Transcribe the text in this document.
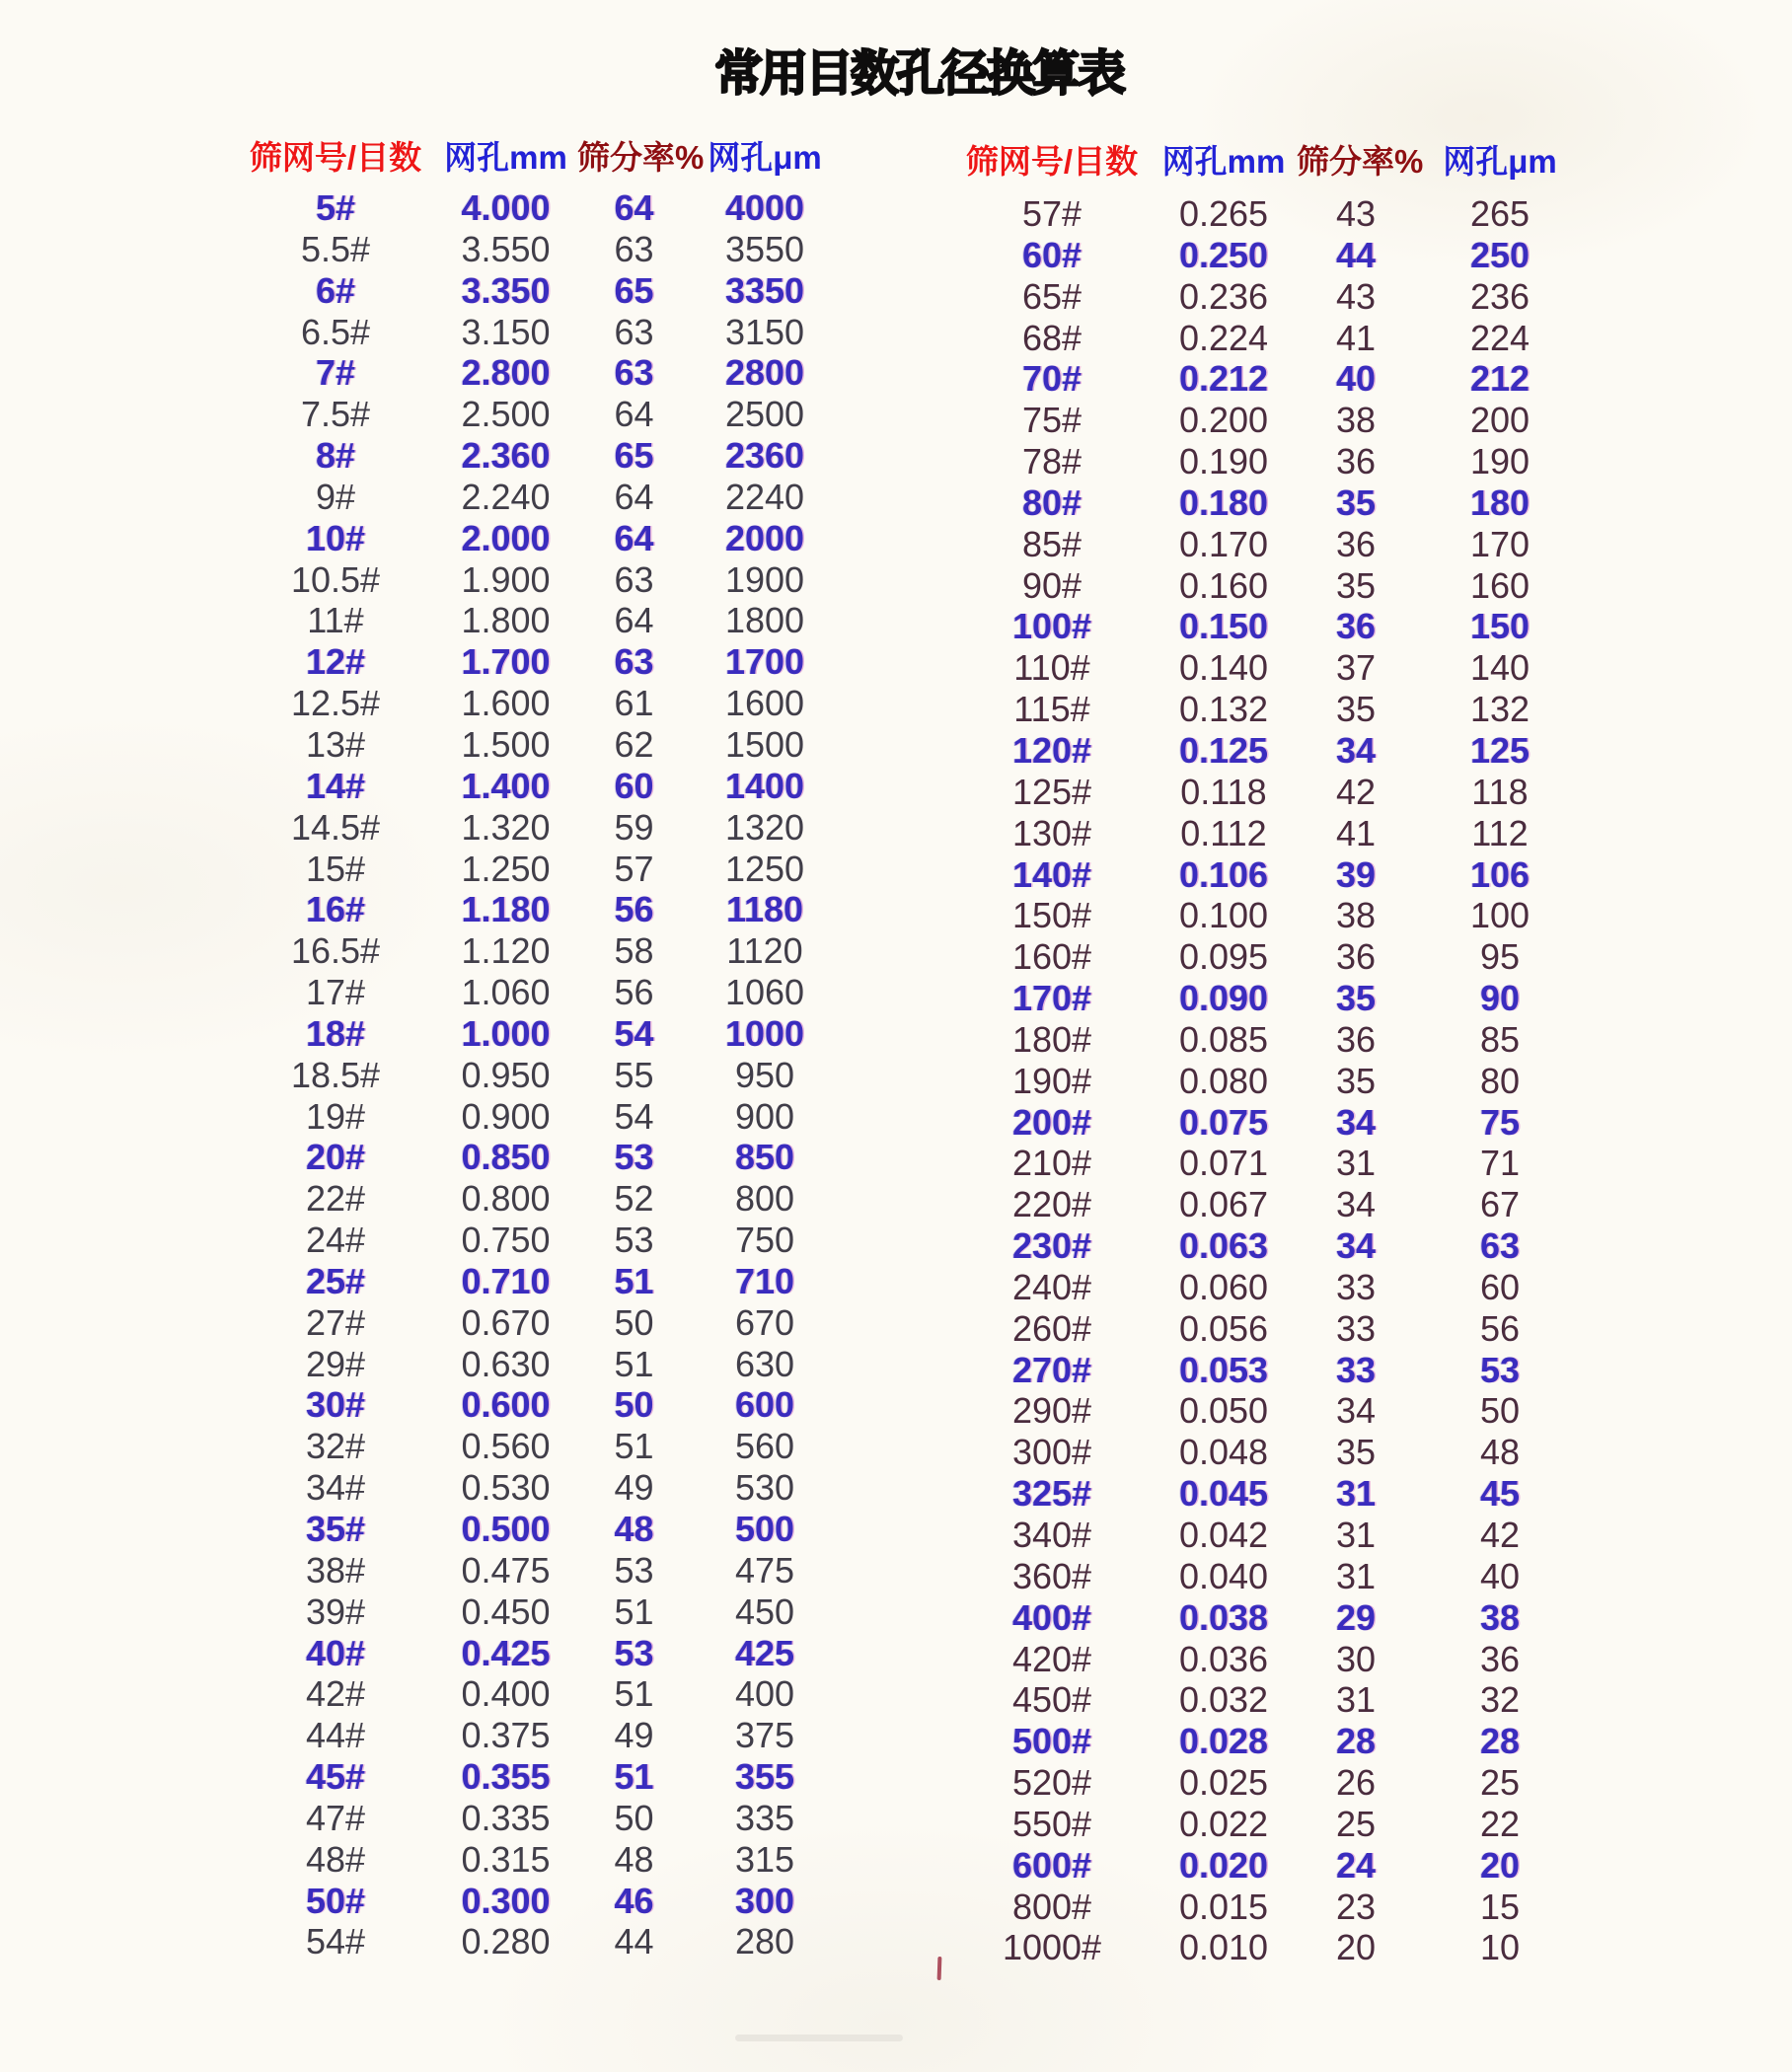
常用目数孔径换算表
筛网号/目数 网孔mm 筛分率% 网孔μm	筛网号/目数 网孔mm 筛分率% 网孔μm
5#	4.000	64	4000
5.5#	3.550	63	3550
6#	3.350	65	3350
6.5#	3.150	63	3150
7#	2.800	63	2800
7.5#	2.500	64	2500
8#	2.360	65	2360
9#	2.240	64	2240
10#	2.000	64	2000
10.5#	1.900	63	1900
11#	1.800	64	1800
12#	1.700	63	1700
12.5#	1.600	61	1600
13#	1.500	62	1500
14#	1.400	60	1400
14.5#	1.320	59	1320
15#	1.250	57	1250
16#	1.180	56	1180
16.5#	1.120	58	1120
17#	1.060	56	1060
18#	1.000	54	1000
18.5#	0.950	55	950
19#	0.900	54	900
20#	0.850	53	850
22#	0.800	52	800
24#	0.750	53	750
25#	0.710	51	710
27#	0.670	50	670
29#	0.630	51	630
30#	0.600	50	600
32#	0.560	51	560
34#	0.530	49	530
35#	0.500	48	500
38#	0.475	53	475
39#	0.450	51	450
40#	0.425	53	425
42#	0.400	51	400
44#	0.375	49	375
45#	0.355	51	355
47#	0.335	50	335
48#	0.315	48	315
50#	0.300	46	300
54#	0.280	44	280
57#	0.265	43	265
60#	0.250	44	250
65#	0.236	43	236
68#	0.224	41	224
70#	0.212	40	212
75#	0.200	38	200
78#	0.190	36	190
80#	0.180	35	180
85#	0.170	36	170
90#	0.160	35	160
100#	0.150	36	150
110#	0.140	37	140
115#	0.132	35	132
120#	0.125	34	125
125#	0.118	42	118
130#	0.112	41	112
140#	0.106	39	106
150#	0.100	38	100
160#	0.095	36	95
170#	0.090	35	90
180#	0.085	36	85
190#	0.080	35	80
200#	0.075	34	75
210#	0.071	31	71
220#	0.067	34	67
230#	0.063	34	63
240#	0.060	33	60
260#	0.056	33	56
270#	0.053	33	53
290#	0.050	34	50
300#	0.048	35	48
325#	0.045	31	45
340#	0.042	31	42
360#	0.040	31	40
400#	0.038	29	38
420#	0.036	30	36
450#	0.032	31	32
500#	0.028	28	28
520#	0.025	26	25
550#	0.022	25	22
600#	0.020	24	20
800#	0.015	23	15
1000#	0.010	20	10
